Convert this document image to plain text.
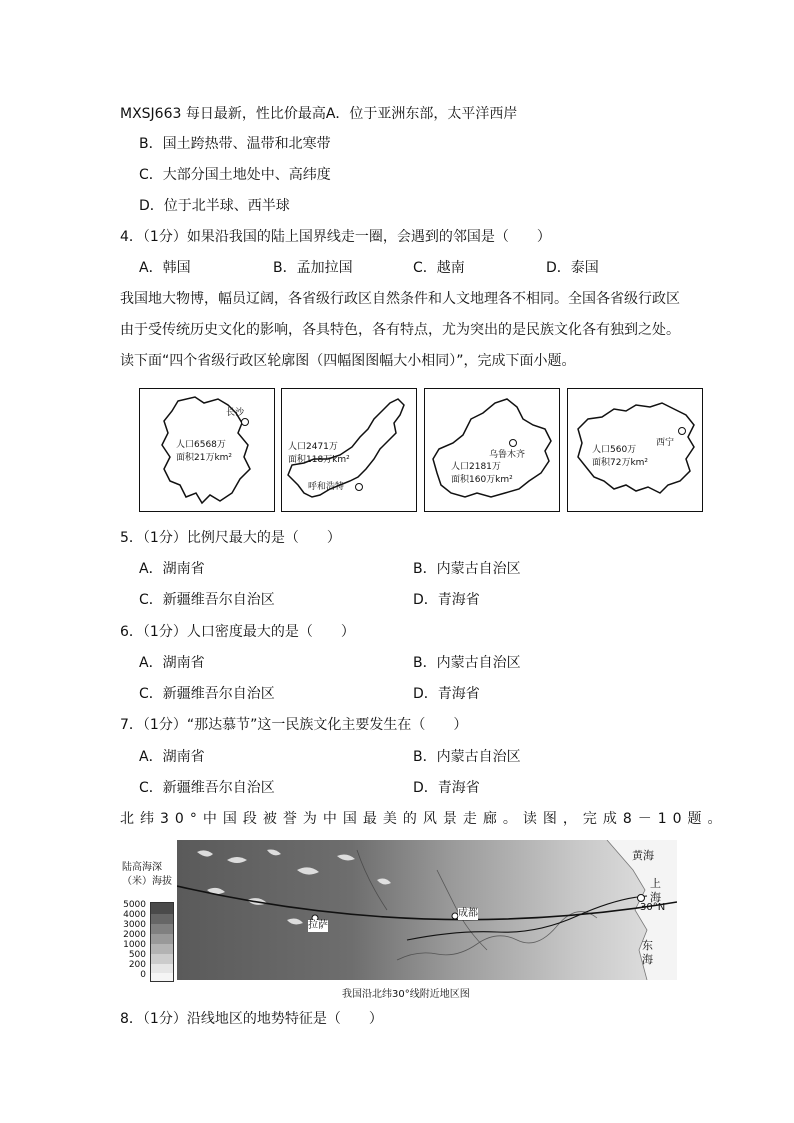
MXSJ663 每日最新，性比价最高A．位于亚洲东部，太平洋西岸
B．国土跨热带、温带和北寒带
C．大部分国土地处中、高纬度
D．位于北半球、西半球
4．（1分）如果沿我国的陆上国界线走一圈，会遇到的邻国是（　　）
A．韩国	B．孟加拉国	C．越南	D．泰国
我国地大物博，幅员辽阔，各省级行政区自然条件和人文地理各不相同。全国各省级行政区
由于受传统历史文化的影响，各具特色，各有特点，尤为突出的是民族文化各有独到之处。
读下面“四个省级行政区轮廓图（四幅图图幅大小相同）”，完成下面小题。
长沙
人口6568万
面积21万km²
人口2471万
面积118万km²
呼和浩特
乌鲁木齐
人口2181万
面积160万km²
西宁
人口560万
面积72万km²
5．（1分）比例尺最大的是（　　）
A．湖南省	B．内蒙古自治区
C．新疆维吾尔自治区	D．青海省
6．（1分）人口密度最大的是（　　）
A．湖南省	B．内蒙古自治区
C．新疆维吾尔自治区	D．青海省
7．（1分）“那达慕节”这一民族文化主要发生在（　　）
A．湖南省	B．内蒙古自治区
C．新疆维吾尔自治区	D．青海省
北纬30°中国段被誉为中国最美的风景走廊。读图，完成8－10题。
陆高海深
（米）海拔
5000
4000
3000
2000
1000
500
200
0
拉萨
成都
黄海
上
海
30°N
东
海
我国沿北纬30°线附近地区图
8．（1分）沿线地区的地势特征是（　　）
